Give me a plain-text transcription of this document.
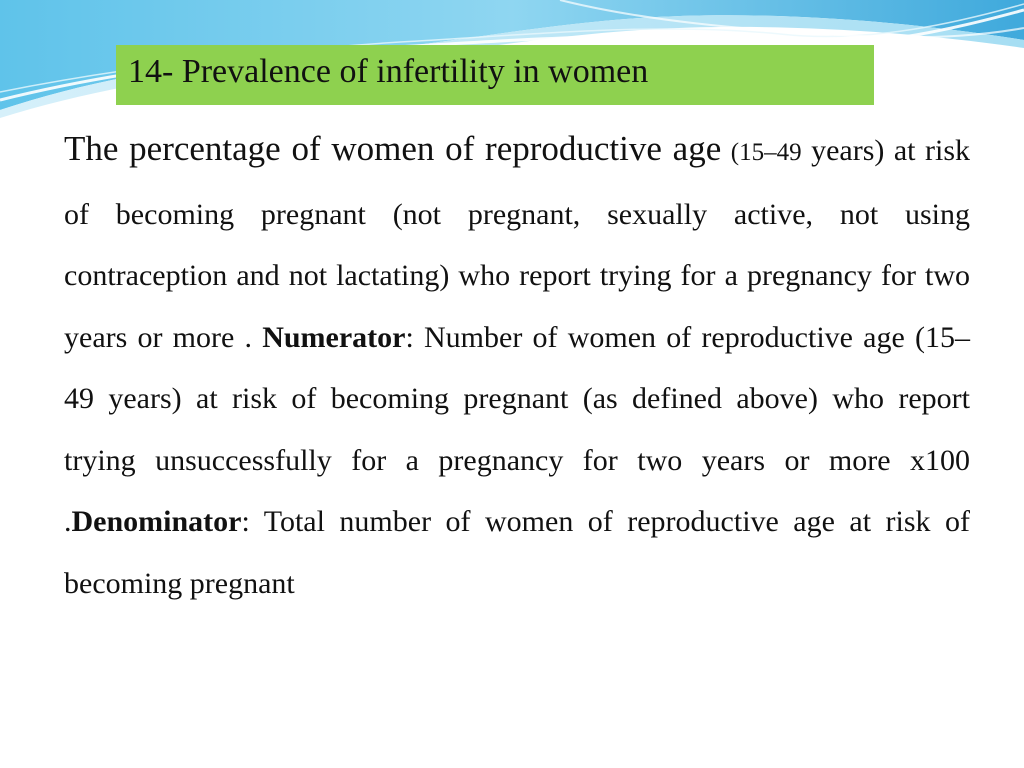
14- Prevalence of infertility in women
The percentage of women of reproductive age (15–49 years) at risk of becoming pregnant (not pregnant, sexually active, not using contraception and not lactating) who report trying for a pregnancy for two years or more . Numerator: Number of women of reproductive age (15–49 years) at risk of becoming pregnant (as defined above) who report trying unsuccessfully for a pregnancy for two years or more x100 .Denominator: Total number of women of reproductive age at risk of becoming pregnant
